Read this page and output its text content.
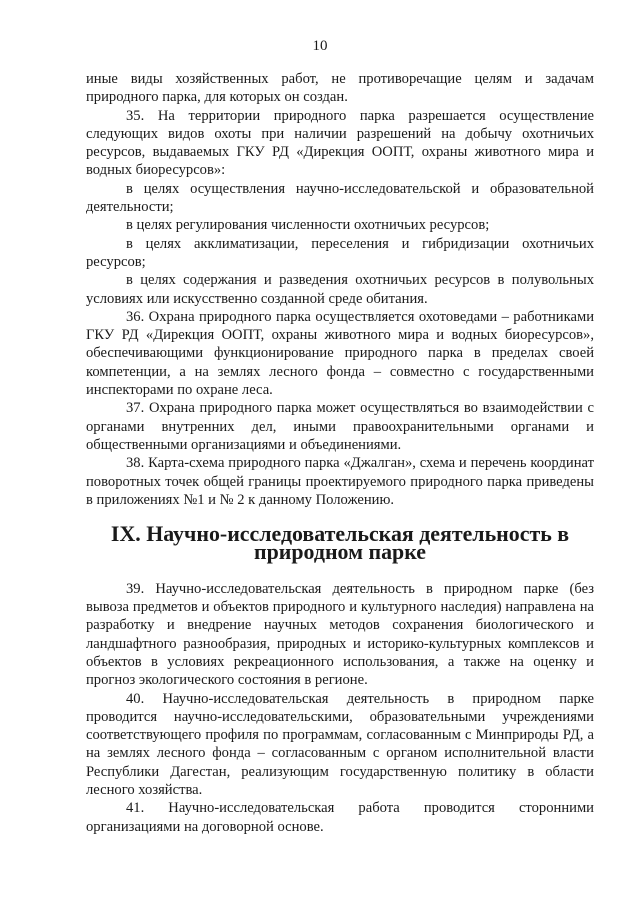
10

иные виды хозяйственных работ, не противоречащие целям и задачам природного парка, для которых он создан.

35. На территории природного парка разрешается осуществление следующих видов охоты при наличии разрешений на добычу охотничьих ресурсов, выдаваемых ГКУ РД «Дирекция ООПТ, охраны животного мира и водных биоресурсов»:

в целях осуществления научно-исследовательской и образовательной деятельности;

в целях регулирования численности охотничьих ресурсов;

в целях акклиматизации, переселения и гибридизации охотничьих ресурсов;

в целях содержания и разведения охотничьих ресурсов в полувольных условиях или искусственно созданной среде обитания.

36. Охрана природного парка осуществляется охотоведами – работниками ГКУ РД «Дирекция ООПТ, охраны животного мира и водных биоресурсов», обеспечивающими функционирование природного парка в пределах своей компетенции, а на землях лесного фонда – совместно с государственными инспекторами по охране леса.

37. Охрана природного парка может осуществляться во взаимодействии с органами внутренних дел, иными правоохранительными органами и общественными организациями и объединениями.

38. Карта-схема природного парка «Джалган», схема и перечень координат поворотных точек общей границы проектируемого природного парка приведены в приложениях №1 и № 2 к данному Положению.

IX. Научно-исследовательская деятельность в природном парке

39. Научно-исследовательская деятельность в природном парке (без вывоза предметов и объектов природного и культурного наследия) направлена на разработку и внедрение научных методов сохранения биологического и ландшафтного разнообразия, природных и историко-культурных комплексов и объектов в условиях рекреационного использования, а также на оценку и прогноз экологического состояния в регионе.

40. Научно-исследовательская деятельность в природном парке проводится научно-исследовательскими, образовательными учреждениями соответствующего профиля по программам, согласованным с Минприроды РД, а на землях лесного фонда – согласованным с органом исполнительной власти Республики Дагестан, реализующим государственную политику в области лесного хозяйства.

41. Научно-исследовательская работа проводится сторонними организациями на договорной основе.
